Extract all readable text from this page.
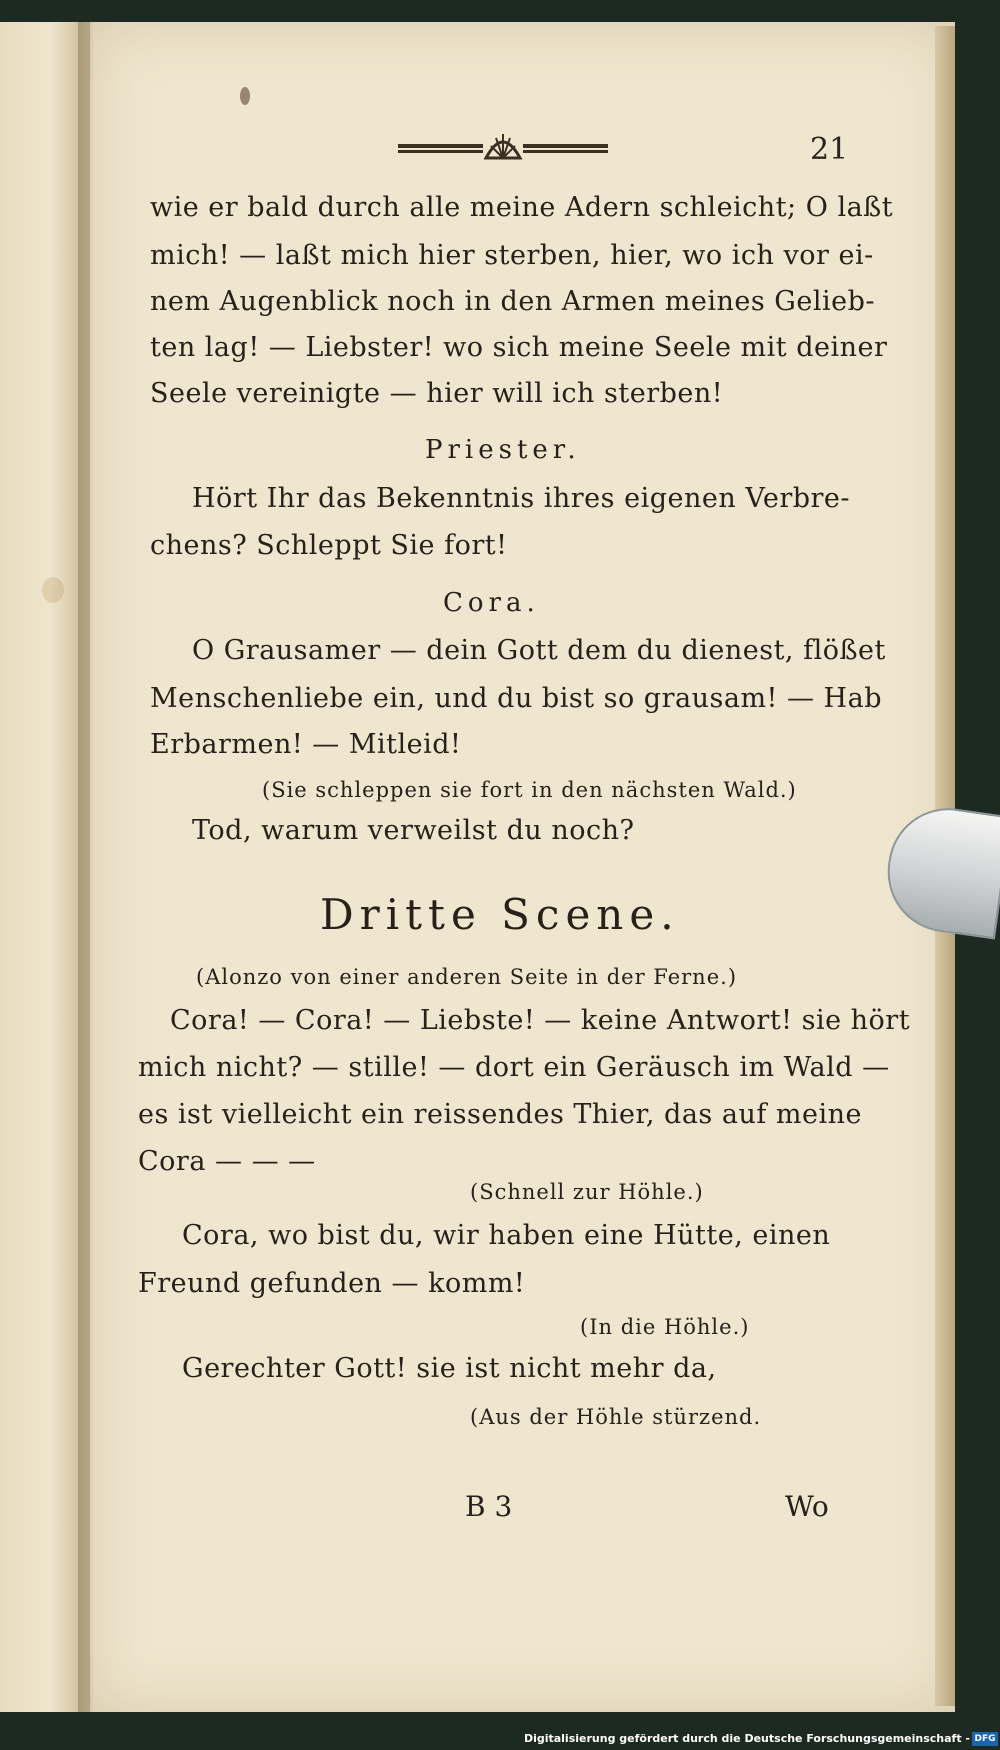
21
wie er bald durch alle meine Adern schleicht; O laßt
mich! — laßt mich hier sterben, hier, wo ich vor ei-
nem Augenblick noch in den Armen meines Gelieb-
ten lag! — Liebster! wo sich meine Seele mit deiner
Seele vereinigte — hier will ich sterben!
Priester.
Hört Ihr das Bekenntnis ihres eigenen Verbre-
chens? Schleppt Sie fort!
Cora.
O Grausamer — dein Gott dem du dienest, flößet
Menschenliebe ein, und du bist so grausam! — Hab
Erbarmen! — Mitleid!
(Sie schleppen sie fort in den nächsten Wald.)
Tod, warum verweilst du noch?
Dritte Scene.
(Alonzo von einer anderen Seite in der Ferne.)
Cora! — Cora! — Liebste! — keine Antwort! sie hört
mich nicht? — stille! — dort ein Geräusch im Wald —
es ist vielleicht ein reissendes Thier, das auf meine
Cora — — —
(Schnell zur Höhle.)
Cora, wo bist du, wir haben eine Hütte, einen
Freund gefunden — komm!
(In die Höhle.)
Gerechter Gott! sie ist nicht mehr da,
(Aus der Höhle stürzend.
B 3	Wo
Digitalisierung gefördert durch die Deutsche Forschungsgemeinschaft - DFG
